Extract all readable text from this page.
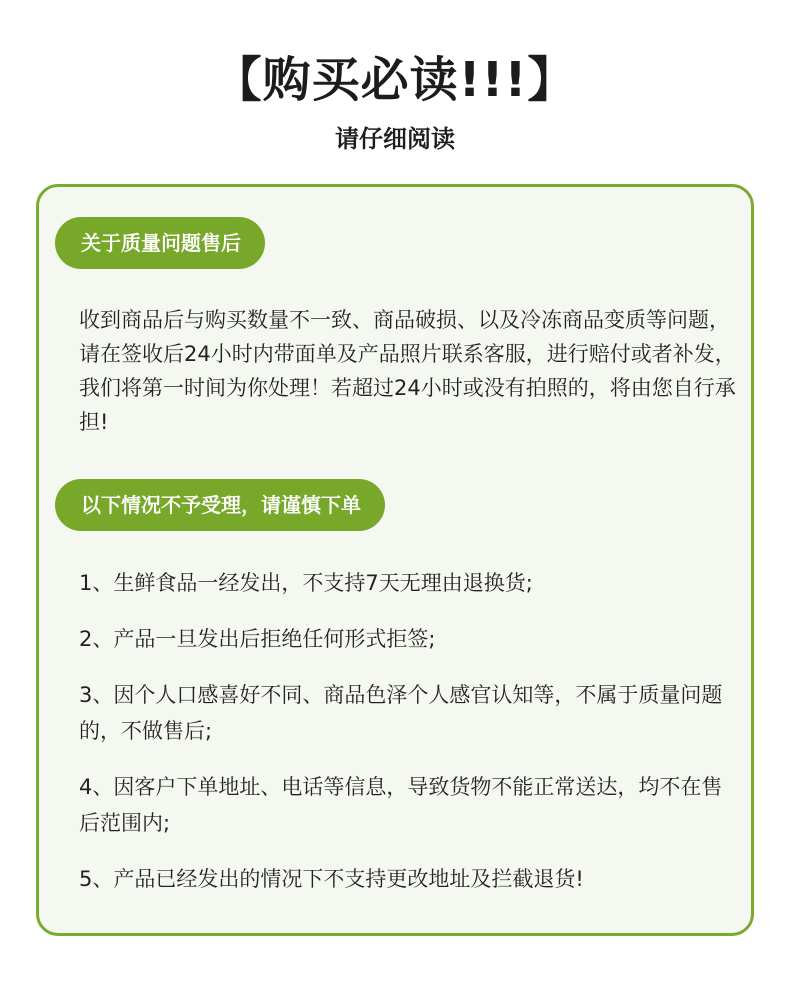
【购买必读!!!】
请仔细阅读
关于质量问题售后
收到商品后与购买数量不一致、商品破损、以及冷冻商品变质等问题，请在签收后24小时内带面单及产品照片联系客服，进行赔付或者补发，我们将第一时间为你处理！若超过24小时或没有拍照的，将由您自行承担!
以下情况不予受理，请谨慎下单
1、生鲜食品一经发出，不支持7天无理由退换货;
2、产品一旦发出后拒绝任何形式拒签;
3、因个人口感喜好不同、商品色泽个人感官认知等，不属于质量问题的，不做售后;
4、因客户下单地址、电话等信息，导致货物不能正常送达，均不在售后范围内;
5、产品已经发出的情况下不支持更改地址及拦截退货!
